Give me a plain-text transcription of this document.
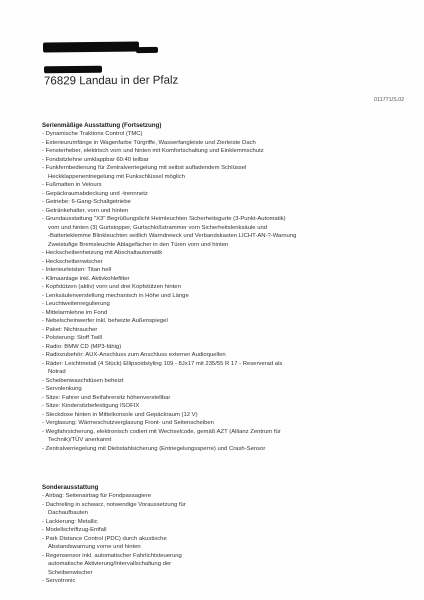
76829 Landau in der Pfalz
011771/S.02
Serienmäßige Ausstattung (Fortsetzung)
- Dynamische Traktions Control (TMC)
- Exterieurumfänge in Wagenfarbe Türgriffe, Wasserfangleiste und Zierleiste Dach
- Fensterheber, elektrisch vorn und hinten mit Komfortschaltung und Einklemmschutz
- Fondsitzlehne umklappbar 60:40 teilbar
- Funkfernbedienung für Zentralverriegelung mit seibst aufladendem Schlüssel
Heckklappenentriegelung mit Funkschlüssel möglich
- Fußmatten in Velours
- Gepäckraumabdeckung und -trennnetz
- Getriebe: 6-Gang-Schaltgetriebe
- Getränkehalter, vorn und hinten
- Grundausstattung "X3" Begrüßungslicht Heimleuchten Sicherheitsgurte (3-Punkt-Automatik)
vorn und hinten (3) Gurtstopper, Gurtschloßstrammer vorn Sicherheitslenksäule und
-Batterieklemme Blinkleuchten seitlich Warndreieck und Verbandskasten LICHT-AN-?-Warnung
Zweistufige Bremsleuchte Ablagefächer in den Türen vorn und hinten
- Heckscheibenheizung mit Abschaltautomatik
- Heckscheibenwischer
- Interieurleisten: Titan hell
- Klimaanlage inkl. Aktivkohlefilter
- Kopfstützen (aktiv) vorn und drei Kopfstützen hinten
- Lenksäulenverstellung mechanisch in Höhe und Länge
- Leuchtweitenregulierung
- Mittelarmlehne im Fond
- Nebelscheinwerfer inkl. beheizte Außenspiegel
- Paket: Nichtraucher
- Polsterung: Stoff Twill
- Radio: BMW CD (MP3-fähig)
- Radiozubehör: AUX-Anschluss zum Anschluss externer Audioquellen
- Räder: Leichtmetall (4 Stück) Ellipsoidstyling 109 - 8Jx17 mit 235/55 R 17 - Reserverad als
Notrad
- Scheibenwaschdüsen beheizt
- Servolenkung
- Sitze: Fahrer und Beifahrersitz höhenverstellbar
- Sitze: Kindersitzbefestigung ISOFIX
- Steckdose hinten in Mittelkonsole und Gepäckraum (12 V)
- Verglasung: Wärmeschutzverglasung Front- und Seitenscheiben
- Wegfahrsicherung, elektronisch codiert mit Wechselcode, gemäß AZT (Allianz Zentrum für
Technik)/TÜV anerkannt
- Zentralverriegelung mit Diebstahlsicherung (Entriegelungssperre) und Crash-Sensor
Sonderausstattung
- Airbag: Seitenairbag für Fondpassagiere
- Dachreling in schwarz, notwendige Voraussetzung für
Dachaufbauten
- Lackierung: Metallic
- Modellschriftzug-Entfall
- Park Distance Control (PDC) durch akustische
Abstandswarnung vorne und hinten
- Regensensor inkl. automatischer Fahrlichtsteuerung
automatische Aktivierung/Intervallschaltung der
Scheibenwischer
- Servotronic
